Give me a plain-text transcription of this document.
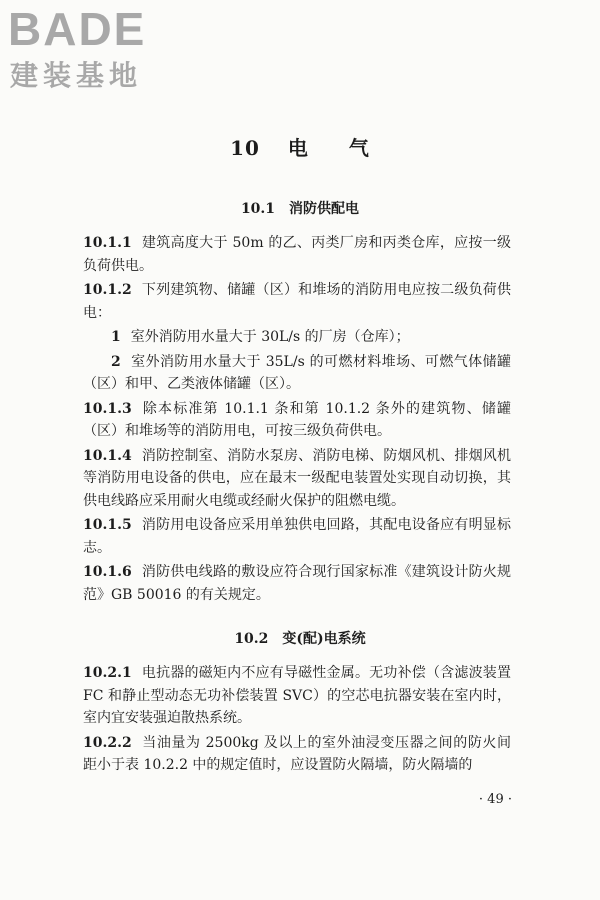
BADE
建装基地
10 电 气
10.1 消防供配电

10.1.1 建筑高度大于 50m 的乙、丙类厂房和丙类仓库，应按一级负荷供电。

10.1.2 下列建筑物、储罐（区）和堆场的消防用电应按二级负荷供电：

1 室外消防用水量大于 30L/s 的厂房（仓库）；

2 室外消防用水量大于 35L/s 的可燃材料堆场、可燃气体储罐（区）和甲、乙类液体储罐（区）。

10.1.3 除本标准第 10.1.1 条和第 10.1.2 条外的建筑物、储罐（区）和堆场等的消防用电，可按三级负荷供电。

10.1.4 消防控制室、消防水泵房、消防电梯、防烟风机、排烟风机等消防用电设备的供电，应在最末一级配电装置处实现自动切换，其供电线路应采用耐火电缆或经耐火保护的阻燃电缆。

10.1.5 消防用电设备应采用单独供电回路，其配电设备应有明显标志。

10.1.6 消防供电线路的敷设应符合现行国家标准《建筑设计防火规范》GB 50016 的有关规定。

10.2 变(配)电系统

10.2.1 电抗器的磁矩内不应有导磁性金属。无功补偿（含滤波装置 FC 和静止型动态无功补偿装置 SVC）的空芯电抗器安装在室内时，室内宜安装强迫散热系统。

10.2.2 当油量为 2500kg 及以上的室外油浸变压器之间的防火间距小于表 10.2.2 中的规定值时，应设置防火隔墙，防火隔墙的

· 49 ·
